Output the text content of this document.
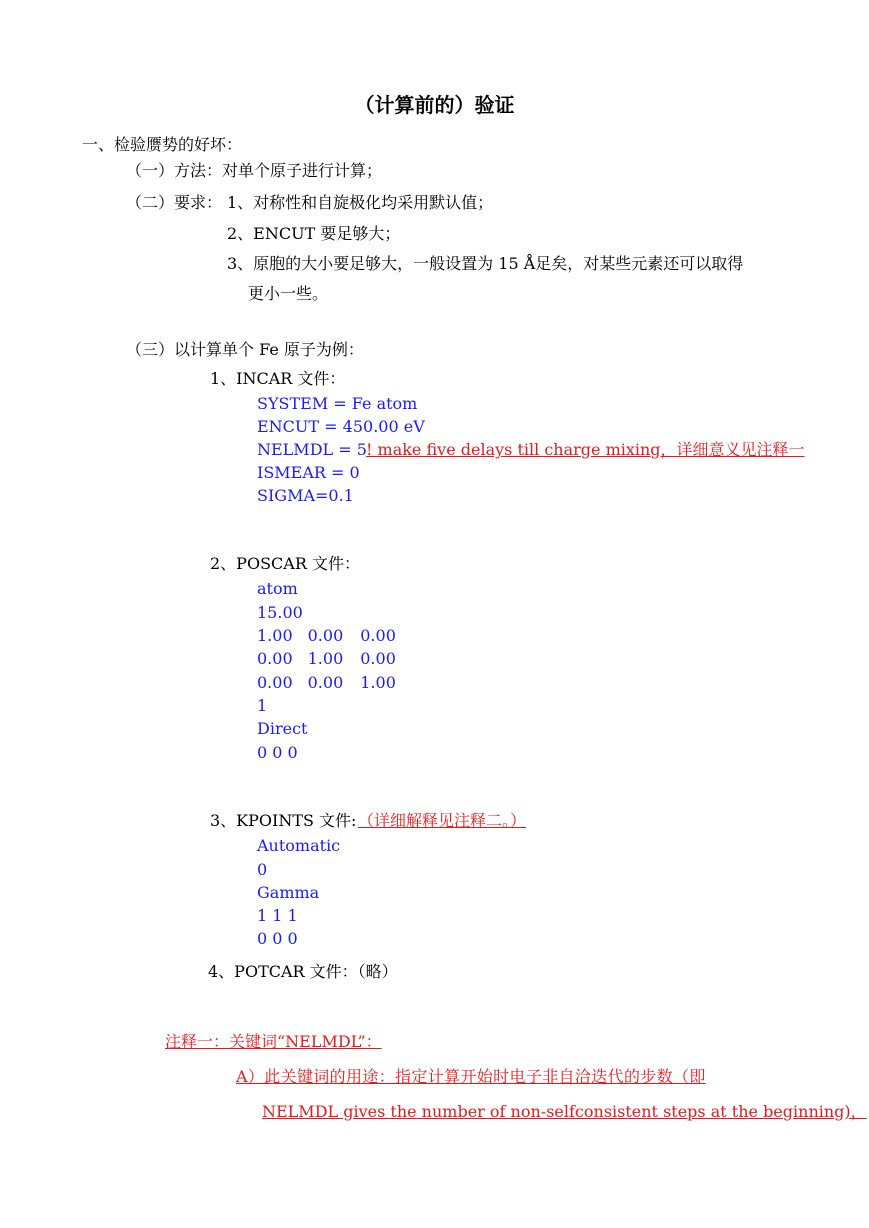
（计算前的）验证
一、检验赝势的好坏：
（一）方法：对单个原子进行计算；
（二）要求： 1、对称性和自旋极化均采用默认值；
2、ENCUT 要足够大；
3、原胞的大小要足够大，一般设置为 15 Å足矣，对某些元素还可以取得
更小一些。
（三）以计算单个 Fe 原子为例：
1、INCAR 文件：
SYSTEM = Fe atom
ENCUT = 450.00 eV
NELMDL = 5 ! make five delays till charge mixing，详细意义见注释一
ISMEAR = 0
SIGMA=0.1
2、POSCAR 文件：
atom
15.00
1.00 0.00 0.00
0.00 1.00 0.00
0.00 0.00 1.00
1
Direct
0 0 0
3、KPOINTS 文件: （详细解释见注释二。）
Automatic
0
Gamma
1 1 1
0 0 0
4、POTCAR 文件：（略）
注释一：关键词“NELMDL”：
A）此关键词的用途：指定计算开始时电子非自洽迭代的步数（即
NELMDL gives the number of non-selfconsistent steps at the beginning)，
